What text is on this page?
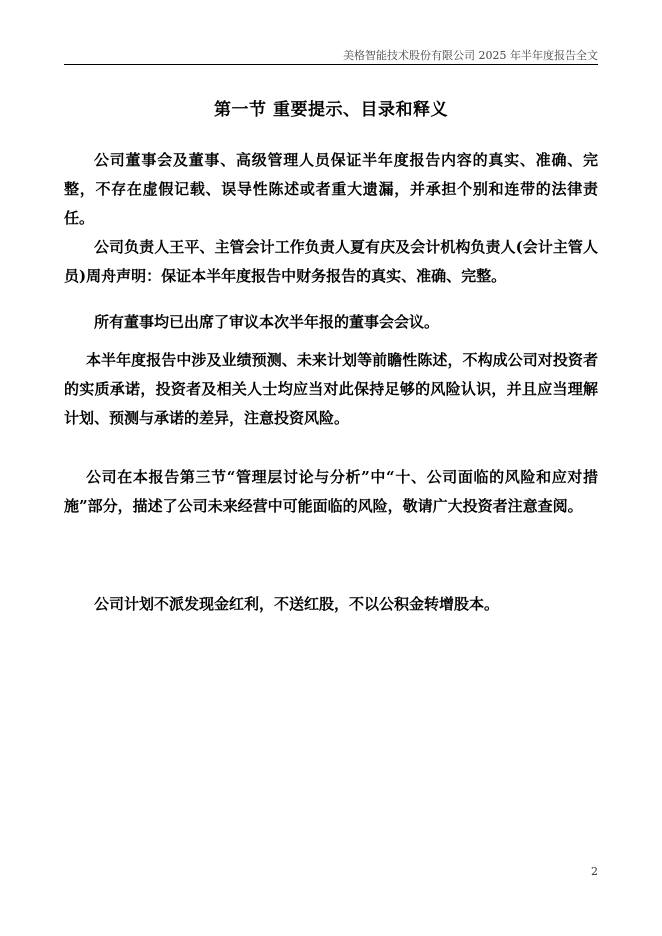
美格智能技术股份有限公司 2025 年半年度报告全文
第一节 重要提示、目录和释义

公司董事会及董事、高级管理人员保证半年度报告内容的真实、准确、完整，不存在虚假记载、误导性陈述或者重大遗漏，并承担个别和连带的法律责任。

公司负责人王平、主管会计工作负责人夏有庆及会计机构负责人(会计主管人员)周舟声明：保证本半年度报告中财务报告的真实、准确、完整。

所有董事均已出席了审议本次半年报的董事会会议。

本半年度报告中涉及业绩预测、未来计划等前瞻性陈述，不构成公司对投资者的实质承诺，投资者及相关人士均应当对此保持足够的风险认识，并且应当理解计划、预测与承诺的差异，注意投资风险。

公司在本报告第三节“管理层讨论与分析”中“十、公司面临的风险和应对措施”部分，描述了公司未来经营中可能面临的风险，敬请广大投资者注意查阅。

公司计划不派发现金红利，不送红股，不以公积金转增股本。

2
